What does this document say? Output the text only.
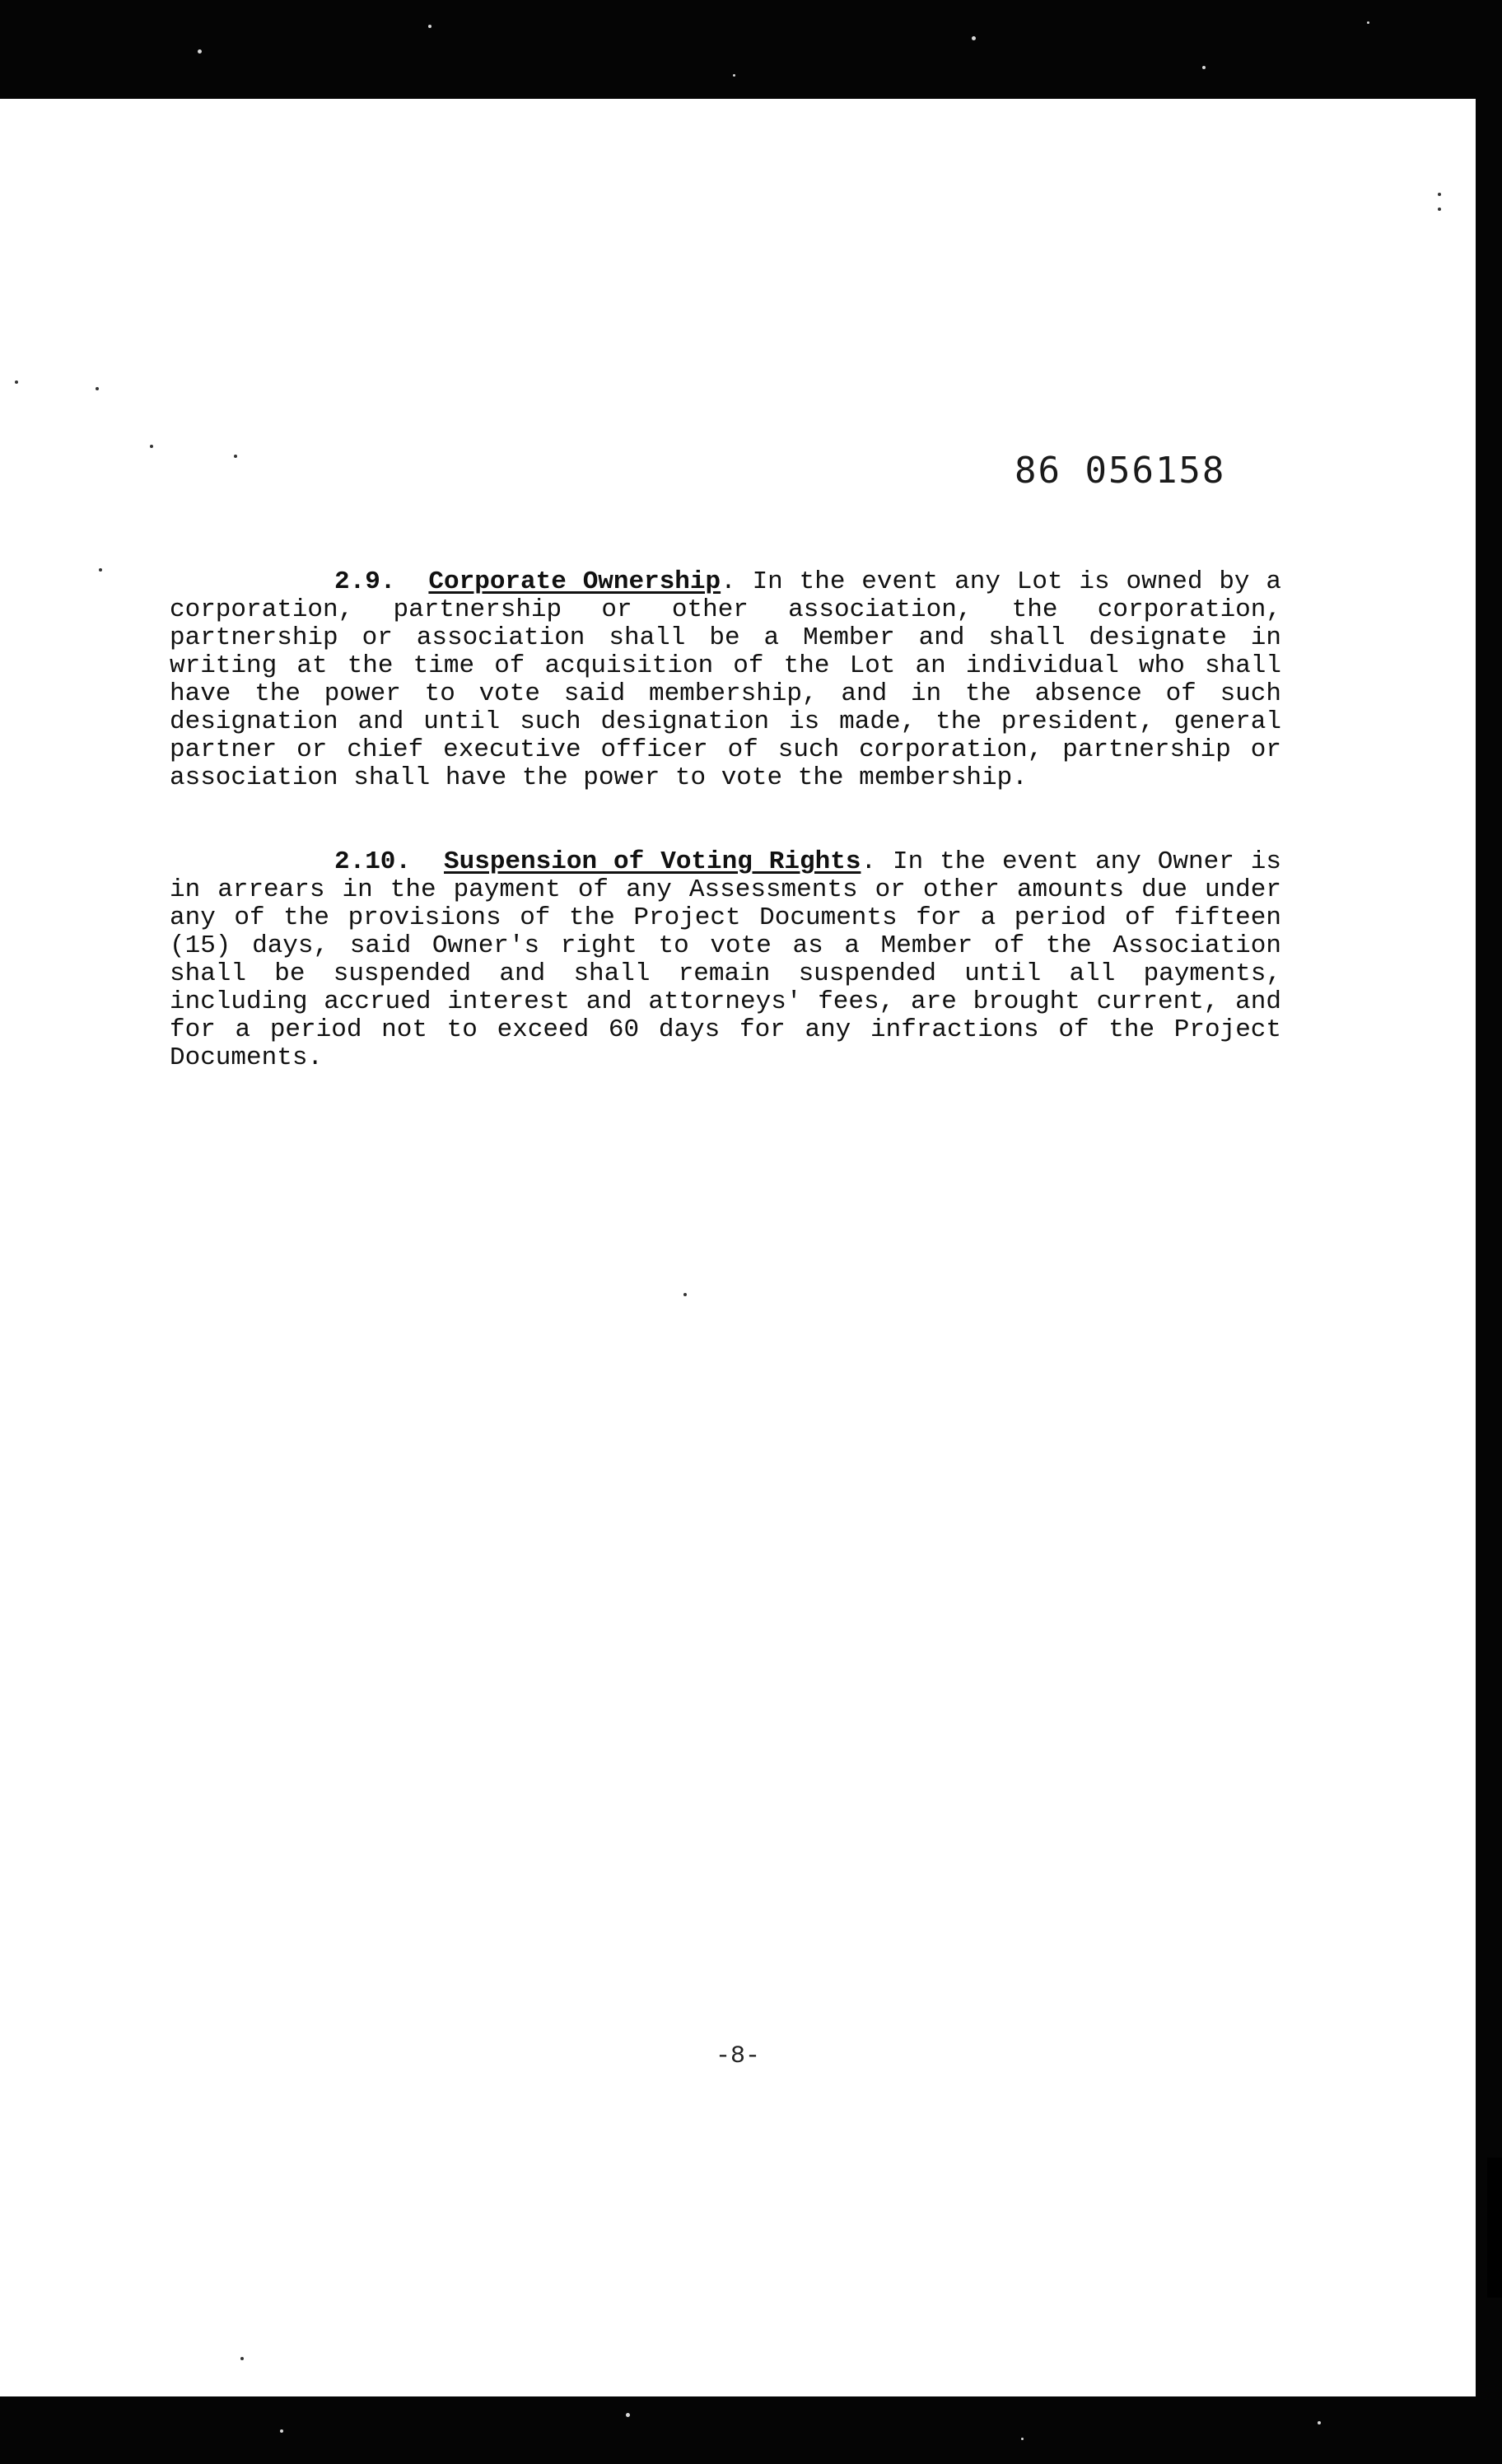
86 056158

2.9. Corporate Ownership. In the event any Lot is owned by a corporation, partnership or other association, the corporation, partnership or association shall be a Member and shall designate in writing at the time of acquisition of the Lot an individual who shall have the power to vote said membership, and in the absence of such designation and until such designation is made, the president, general partner or chief executive officer of such corporation, partnership or association shall have the power to vote the membership.

2.10. Suspension of Voting Rights. In the event any Owner is in arrears in the payment of any Assessments or other amounts due under any of the provisions of the Project Documents for a period of fifteen (15) days, said Owner's right to vote as a Member of the Association shall be suspended and shall remain suspended until all payments, including accrued interest and attorneys' fees, are brought current, and for a period not to exceed 60 days for any infractions of the Project Documents.

-8-
